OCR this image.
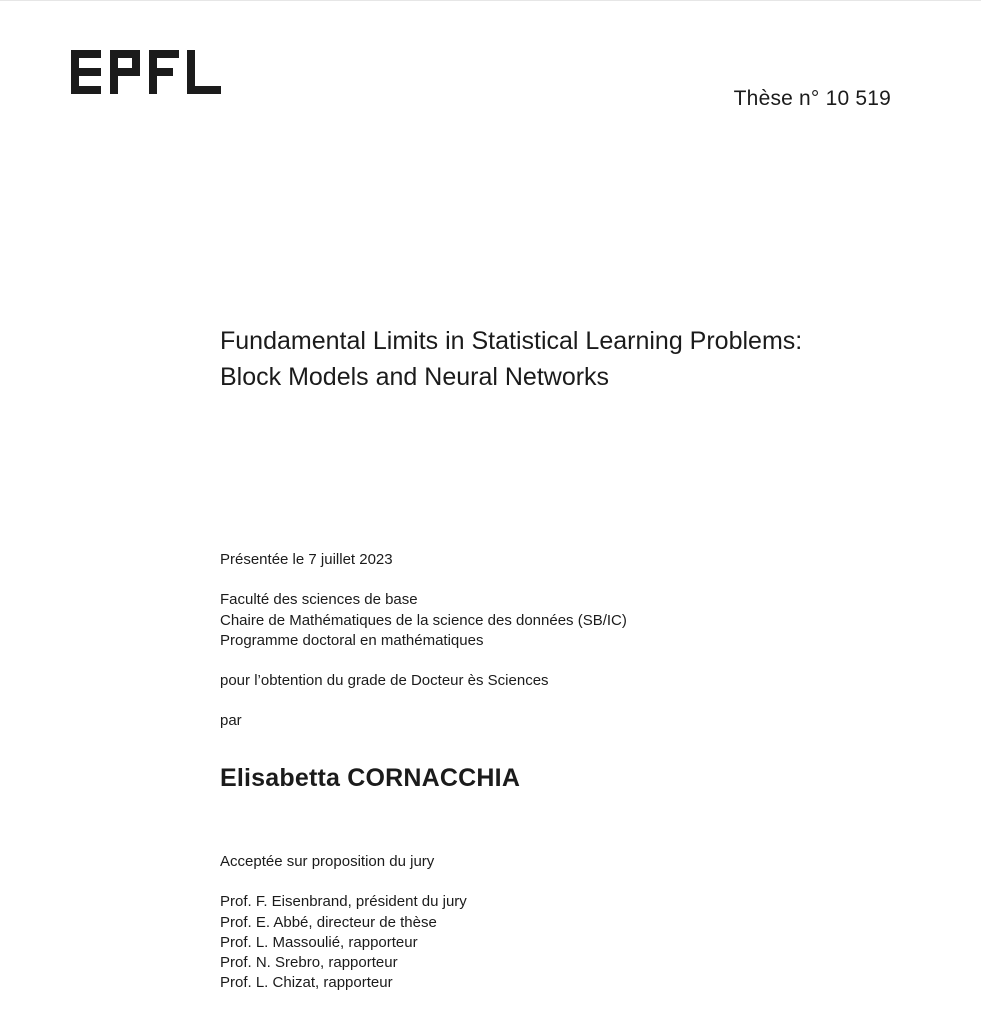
Thèse n° 10 519
Fundamental Limits in Statistical Learning Problems:
Block Models and Neural Networks
Présentée le 7 juillet 2023
Faculté des sciences de base
Chaire de Mathématiques de la science des données (SB/IC)
Programme doctoral en mathématiques
pour l’obtention du grade de Docteur ès Sciences
par
Elisabetta CORNACCHIA
Acceptée sur proposition du jury
Prof. F. Eisenbrand, président du jury
Prof. E. Abbé, directeur de thèse
Prof. L. Massoulié, rapporteur
Prof. N. Srebro, rapporteur
Prof. L. Chizat, rapporteur
